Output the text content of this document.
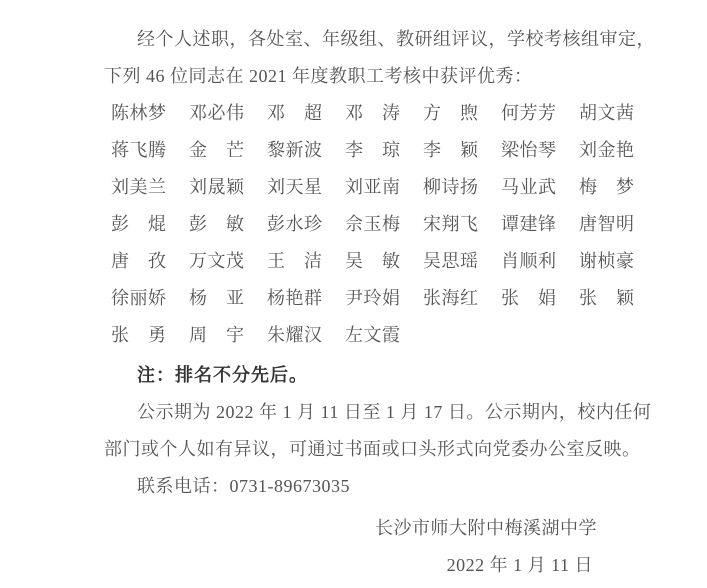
经个人述职，各处室、年级组、教研组评议，学校考核组审定，
下列 46 位同志在 2021 年度教职工考核中获评优秀：
陈林梦 邓必伟 邓　超 邓　涛 方　煦 何芳芳 胡文茜
蒋飞腾 金　芒 黎新波 李　琼 李　颖 梁怡琴 刘金艳
刘美兰 刘晟颖 刘天星 刘亚南 柳诗扬 马业武 梅　梦
彭　焜 彭　敏 彭水珍 佘玉梅 宋翔飞 谭建锋 唐智明
唐　孜 万文茂 王　洁 吴　敏 吴思瑶 肖顺利 谢桢豪
徐丽娇 杨　亚 杨艳群 尹玲娟 张海红 张　娟 张　颖
张　勇 周　宇 朱耀汉 左文霞
注：排名不分先后。
公示期为 2022 年 1 月 11 日至 1 月 17 日。公示期内，校内任何
部门或个人如有异议，可通过书面或口头形式向党委办公室反映。
联系电话：0731-89673035
长沙市师大附中梅溪湖中学
2022 年 1 月 11 日
